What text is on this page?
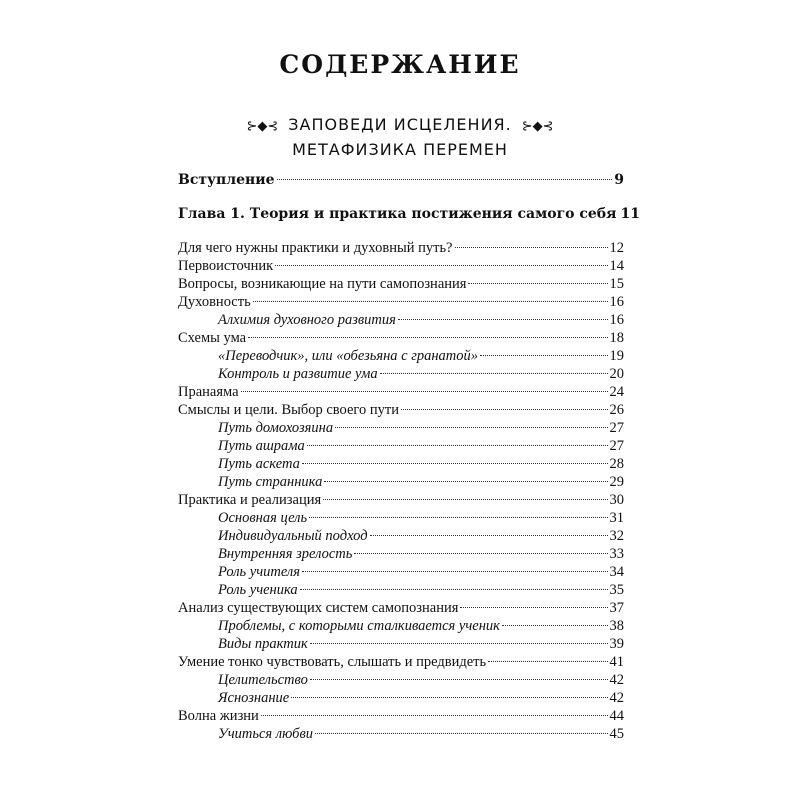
СОДЕРЖАНИЕ
⊱◆⊰ ЗАПОВЕДИ ИСЦЕЛЕНИЯ. ⊱◆⊰
МЕТАФИЗИКА ПЕРЕМЕН
Вступление	9
Глава 1. Теория и практика постижения самого себя 11
Для чего нужны практики и духовный путь?	12
Первоисточник	14
Вопросы, возникающие на пути самопознания	15
Духовность	16
Алхимия духовного развития	16
Схемы ума	18
«Переводчик», или «обезьяна с гранатой»	19
Контроль и развитие ума	20
Пранаяма	24
Смыслы и цели. Выбор своего пути	26
Путь домохозяина	27
Путь ашрама	27
Путь аскета	28
Путь странника	29
Практика и реализация	30
Основная цель	31
Индивидуальный подход	32
Внутренняя зрелость	33
Роль учителя	34
Роль ученика	35
Анализ существующих систем самопознания	37
Проблемы, с которыми сталкивается ученик	38
Виды практик	39
Умение тонко чувствовать, слышать и предвидеть	41
Целительство	42
Яснознание	42
Волна жизни	44
Учиться любви	45
